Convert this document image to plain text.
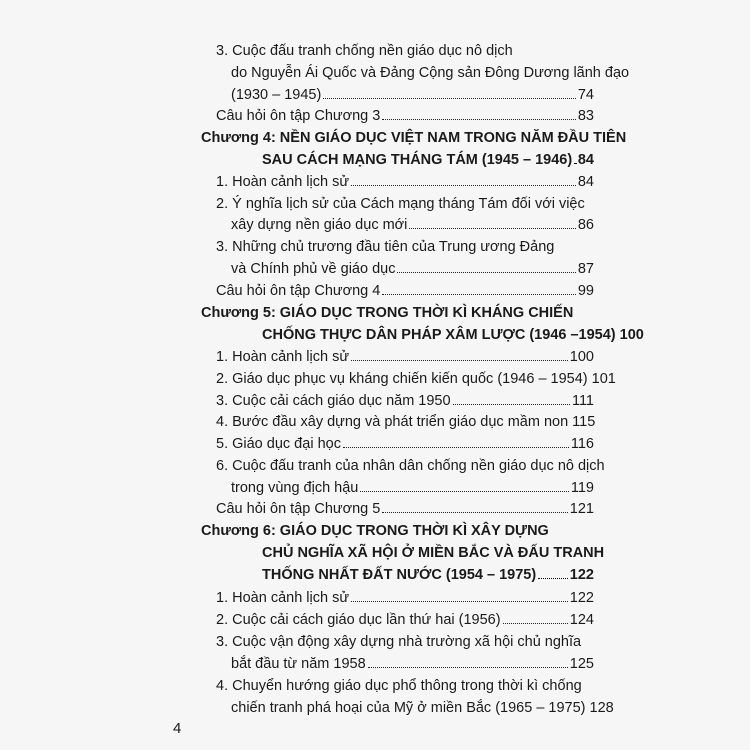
3. Cuộc đấu tranh chống nền giáo dục nô dịch
do Nguyễn Ái Quốc và Đảng Cộng sản Đông Dương lãnh đạo
(1930 – 1945)	74
Câu hỏi ôn tập Chương 3	83
Chương 4: NỀN GIÁO DỤC VIỆT NAM TRONG NĂM ĐẦU TIÊN
SAU CÁCH MẠNG THÁNG TÁM (1945 – 1946) 84
1. Hoàn cảnh lịch sử	84
2. Ý nghĩa lịch sử của Cách mạng tháng Tám đối với việc
xây dựng nền giáo dục mới	86
3. Những chủ trương đầu tiên của Trung ương Đảng
và Chính phủ về giáo dục	87
Câu hỏi ôn tập Chương 4	99
Chương 5: GIÁO DỤC TRONG THỜI KÌ KHÁNG CHIẾN
CHỐNG THỰC DÂN PHÁP XÂM LƯỢC (1946 –1954) 100
1. Hoàn cảnh lịch sử	100
2. Giáo dục phục vụ kháng chiến kiến quốc (1946 – 1954) 101
3. Cuộc cải cách giáo dục năm 1950	111
4. Bước đầu xây dựng và phát triển giáo dục mầm non 115
5. Giáo dục đại học	116
6. Cuộc đấu tranh của nhân dân chống nền giáo dục nô dịch
trong vùng địch hậu	119
Câu hỏi ôn tập Chương 5	121
Chương 6: GIÁO DỤC TRONG THỜI KÌ XÂY DỰNG
CHỦ NGHĨA XÃ HỘI Ở MIỀN BẮC VÀ ĐẤU TRANH
THỐNG NHẤT ĐẤT NƯỚC (1954 – 1975) 122
1. Hoàn cảnh lịch sử	122
2. Cuộc cải cách giáo dục lần thứ hai (1956)	124
3. Cuộc vận động xây dựng nhà trường xã hội chủ nghĩa
bắt đầu từ năm 1958	125
4. Chuyển hướng giáo dục phổ thông trong thời kì chống
chiến tranh phá hoại của Mỹ ở miền Bắc (1965 – 1975) 128
4
